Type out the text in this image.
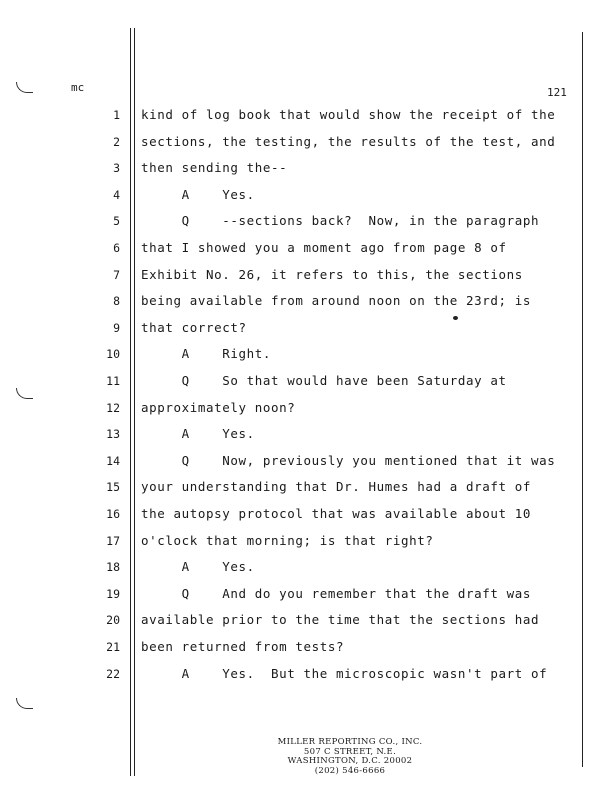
mc	121
1 kind of log book that would show the receipt of the
2 sections, the testing, the results of the test, and
3 then sending the--
4 A    Yes.
5 Q    --sections back?  Now, in the paragraph
6 that I showed you a moment ago from page 8 of
7 Exhibit No. 26, it refers to this, the sections
8 being available from around noon on the 23rd; is
9 that correct?
10 A    Right.
11 Q    So that would have been Saturday at
12 approximately noon?
13 A    Yes.
14 Q    Now, previously you mentioned that it was
15 your understanding that Dr. Humes had a draft of
16 the autopsy protocol that was available about 10
17 o'clock that morning; is that right?
18 A    Yes.
19 Q    And do you remember that the draft was
20 available prior to the time that the sections had
21 been returned from tests?
22 A    Yes.  But the microscopic wasn't part of
MILLER REPORTING CO., INC.
507 C STREET, N.E.
WASHINGTON, D.C. 20002
(202) 546-6666
